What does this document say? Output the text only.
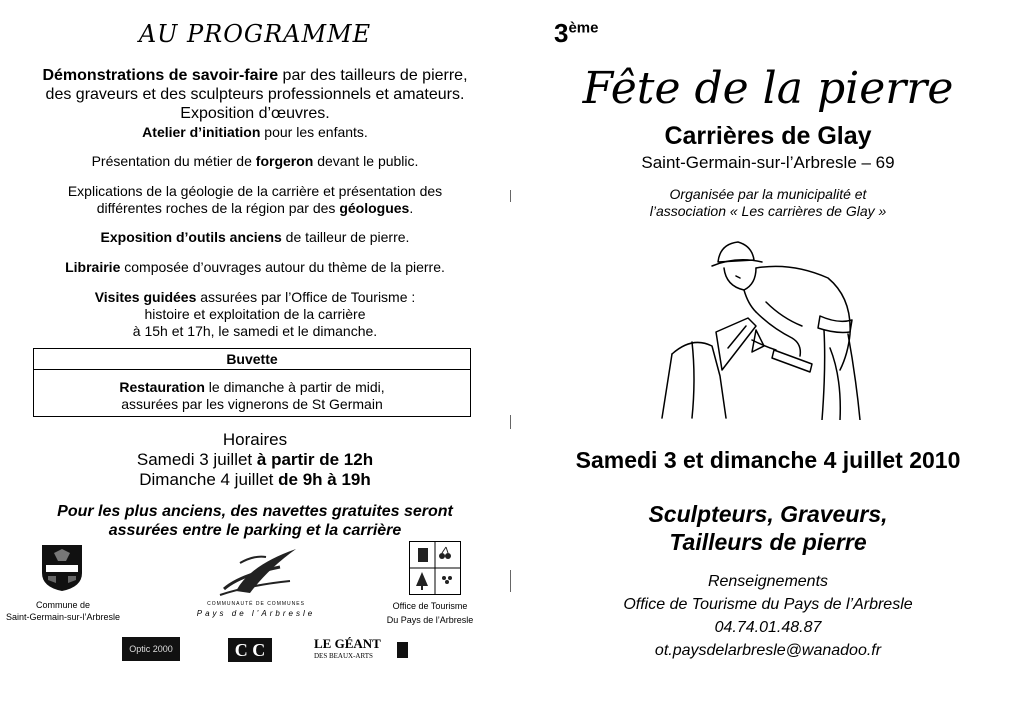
AU PROGRAMME

Démonstrations de savoir-faire par des tailleurs de pierre, des graveurs et des sculpteurs professionnels et amateurs. Exposition d’œuvres.
Atelier d’initiation pour les enfants.

Présentation du métier de forgeron devant le public.

Explications de la géologie de la carrière et présentation des différentes roches de la région par des géologues.

Exposition d’outils anciens de tailleur de pierre.

Librairie composée d’ouvrages autour du thème de la pierre.

Visites guidées assurées par l’Office de Tourisme :
histoire et exploitation de la carrière
à 15h et 17h, le samedi et le dimanche.

Buvette

Restauration le dimanche à partir de midi,
assurées par les vignerons de St Germain

Horaires
Samedi 3 juillet à partir de 12h
Dimanche 4 juillet de 9h à 19h
Pour les plus anciens, des navettes gratuites seront
assurées entre le parking et la carrière
Commune de
Saint-Germain-sur-l’Arbresle
COMMUNAUTÉ DE COMMUNES
Pays de l’Arbresle
Office de Tourisme
Du Pays de l’Arbresle
Optic 2000	C C	LE GÉANT
DES BEAUX-ARTS
3ème
Fête de la pierre
Carrières de Glay
Saint-Germain-sur-l’Arbresle – 69
Organisée par la municipalité et
l’association « Les carrières de Glay »
Samedi 3 et dimanche 4 juillet 2010
Sculpteurs, Graveurs,
Tailleurs de pierre
Renseignements
Office de Tourisme du Pays de l’Arbresle
04.74.01.48.87
ot.paysdelarbresle@wanadoo.fr
